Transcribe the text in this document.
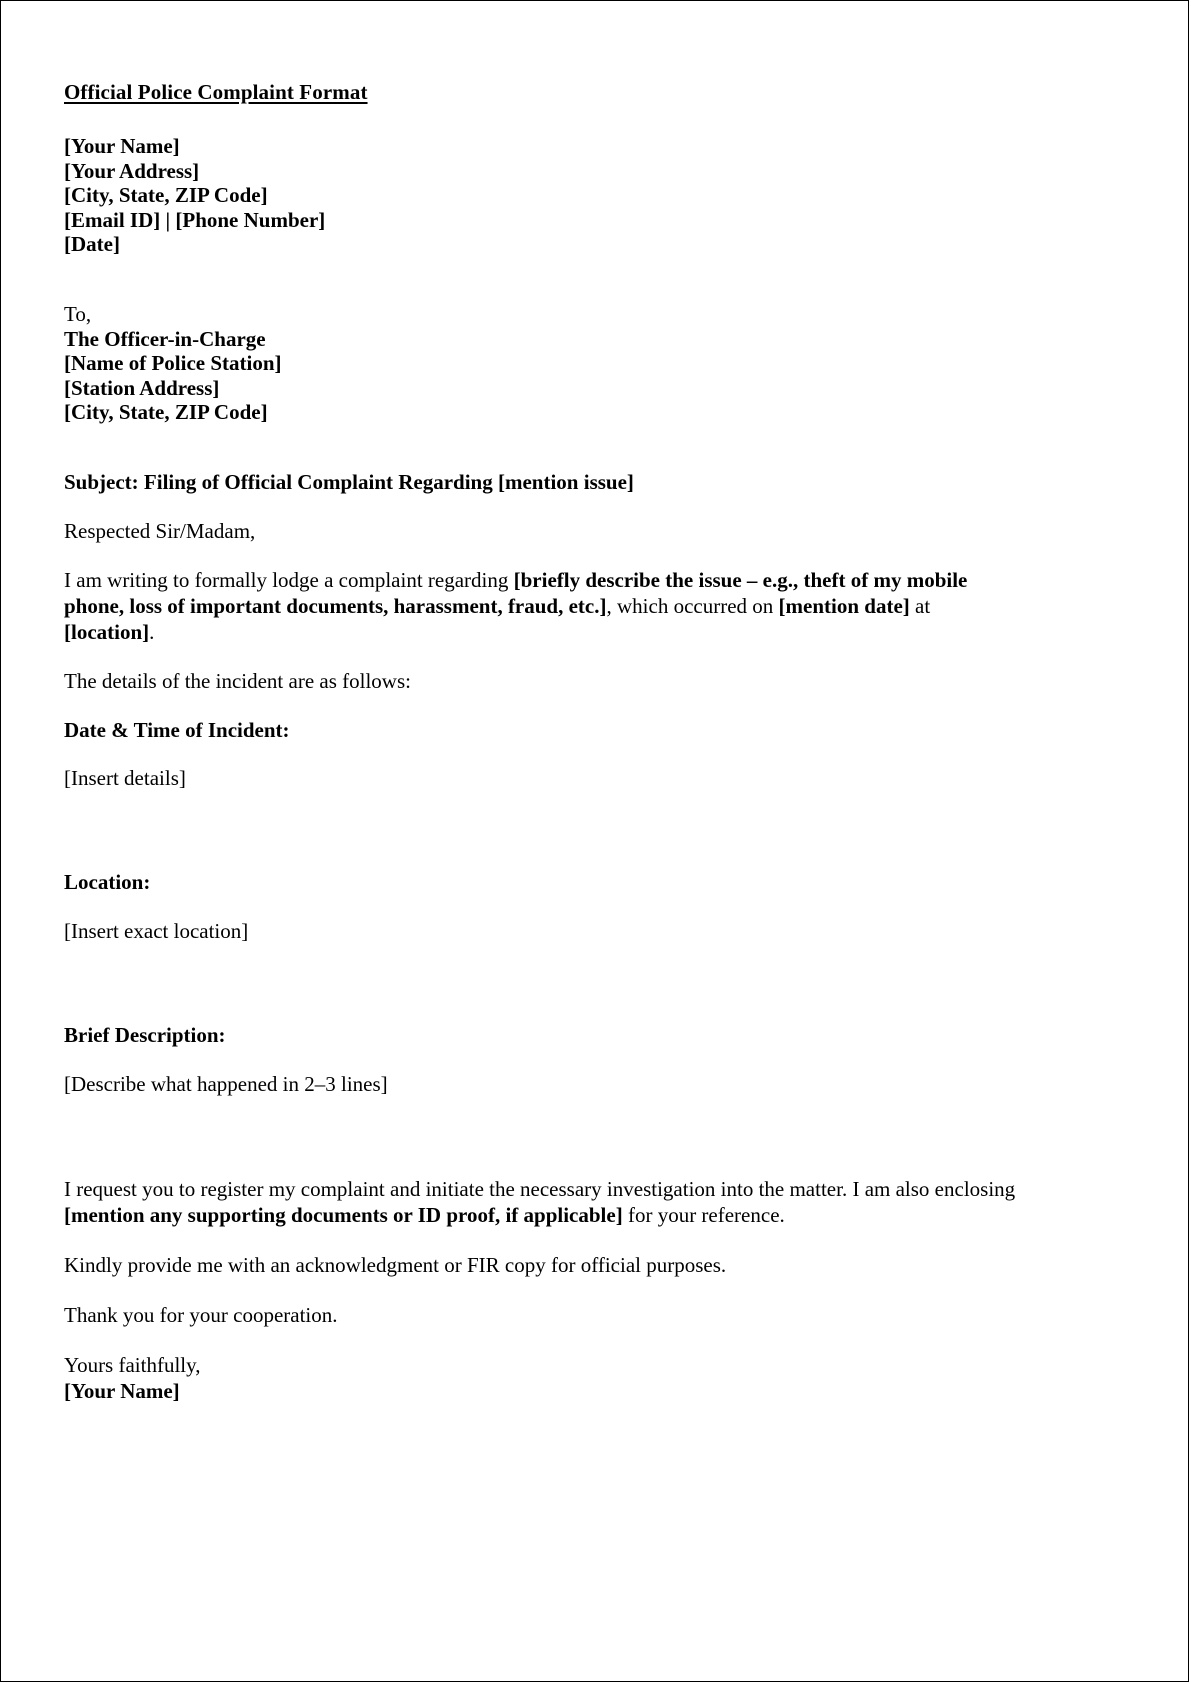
Official Police Complaint Format
[Your Name]
[Your Address]
[City, State, ZIP Code]
[Email ID] | [Phone Number]
[Date]
To,
The Officer-in-Charge
[Name of Police Station]
[Station Address]
[City, State, ZIP Code]
Subject: Filing of Official Complaint Regarding [mention issue]
Respected Sir/Madam,

I am writing to formally lodge a complaint regarding [briefly describe the issue – e.g., theft of my mobile phone, loss of important documents, harassment, fraud, etc.], which occurred on [mention date] at [location].

The details of the incident are as follows:
Date & Time of Incident:
[Insert details]
Location:
[Insert exact location]
Brief Description:
[Describe what happened in 2–3 lines]

I request you to register my complaint and initiate the necessary investigation into the matter. I am also enclosing [mention any supporting documents or ID proof, if applicable] for your reference.

Kindly provide me with an acknowledgment or FIR copy for official purposes.

Thank you for your cooperation.

Yours faithfully,
[Your Name]
